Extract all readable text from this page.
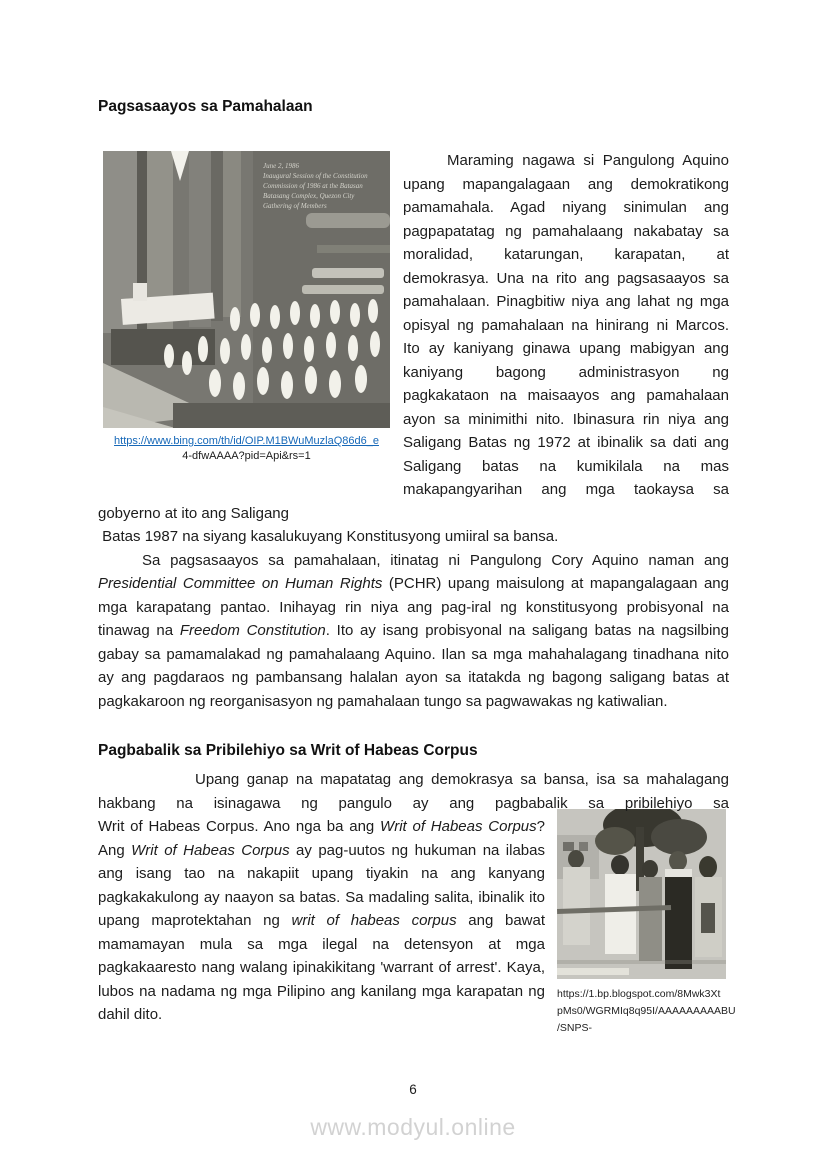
Pagsasaayos sa Pamahalaan
June 2, 1986
Inaugural Session of the Constitution
Commission of 1986 at the Batasan
Batasang Complex, Quezon City
Gathering of Members
https://www.bing.com/th/id/OIP.M1BWuMuzlaQ86d6_e
4-dfwAAAA?pid=Api&rs=1

Maraming nagawa si Pangulong Aquino upang mapangalagaan ang demokratikong pamamahala. Agad niyang sinimulan ang pagpapatatag ng pamahalaang nakabatay sa moralidad, katarungan, karapatan, at demokrasya. Una na rito ang pagsasaayos sa pamahalaan. Pinagbitiw niya ang lahat ng mga opisyal ng pamahalaan na hinirang ni Marcos. Ito ay kaniyang ginawa upang mabigyan ang kaniyang bagong administrasyon ng pagkakataon na maisaayos ang pamahalaan ayon sa minimithi nito. Ibinasura rin niya ang Saligang Batas ng 1972 at ibinalik sa dati ang Saligang batas na kumikilala na mas makapangyarihan ang mga taokaysa sa gobyerno at ito ang Saligang
Batas 1987 na siyang kasalukuyang Konstitusyong umiiral sa bansa.

Sa pagsasaayos sa pamahalaan, itinatag ni Pangulong Cory Aquino naman ang Presidential Committee on Human Rights (PCHR) upang maisulong at mapangalagaan ang mga karapatang pantao. Inihayag rin niya ang pag-iral ng konstitusyong probisyonal na tinawag na Freedom Constitution. Ito ay isang probisyonal na saligang batas na nagsilbing gabay sa pamamalakad ng pamahalaang Aquino. Ilan sa mga mahahalagang tinadhana nito ay ang pagdaraos ng pambansang halalan ayon sa itatakda ng bagong saligang batas at pagkakaroon ng reorganisasyon ng pamahalaan tungo sa pagwawakas ng katiwalian.

Pagbabalik sa Pribilehiyo sa Writ of Habeas Corpus

Upang ganap na mapatatag ang demokrasya sa bansa, isa sa mahalagang hakbang na isinagawa ng pangulo ay ang pagbabalik sa pribilehiyo sa

https://1.bp.blogspot.com/8Mwk3Xt
pMs0/WGRMIq8q95I/AAAAAAAAABU
/SNPS-

Writ of Habeas Corpus. Ano nga ba ang Writ of Habeas Corpus? Ang Writ of Habeas Corpus ay pag-uutos ng hukuman na ilabas ang isang tao na nakapiit upang tiyakin na ang kanyang pagkakakulong ay naayon sa batas. Sa madaling salita, ibinalik ito upang maprotektahan ng writ of habeas corpus ang bawat mamamayan mula sa mga ilegal na detensyon at mga pagkakaaresto nang walang ipinakikitang 'warrant of arrest'. Kaya, lubos na nadama ng mga Pilipino ang kanilang mga karapatan ng dahil dito.

6
www.modyul.online
